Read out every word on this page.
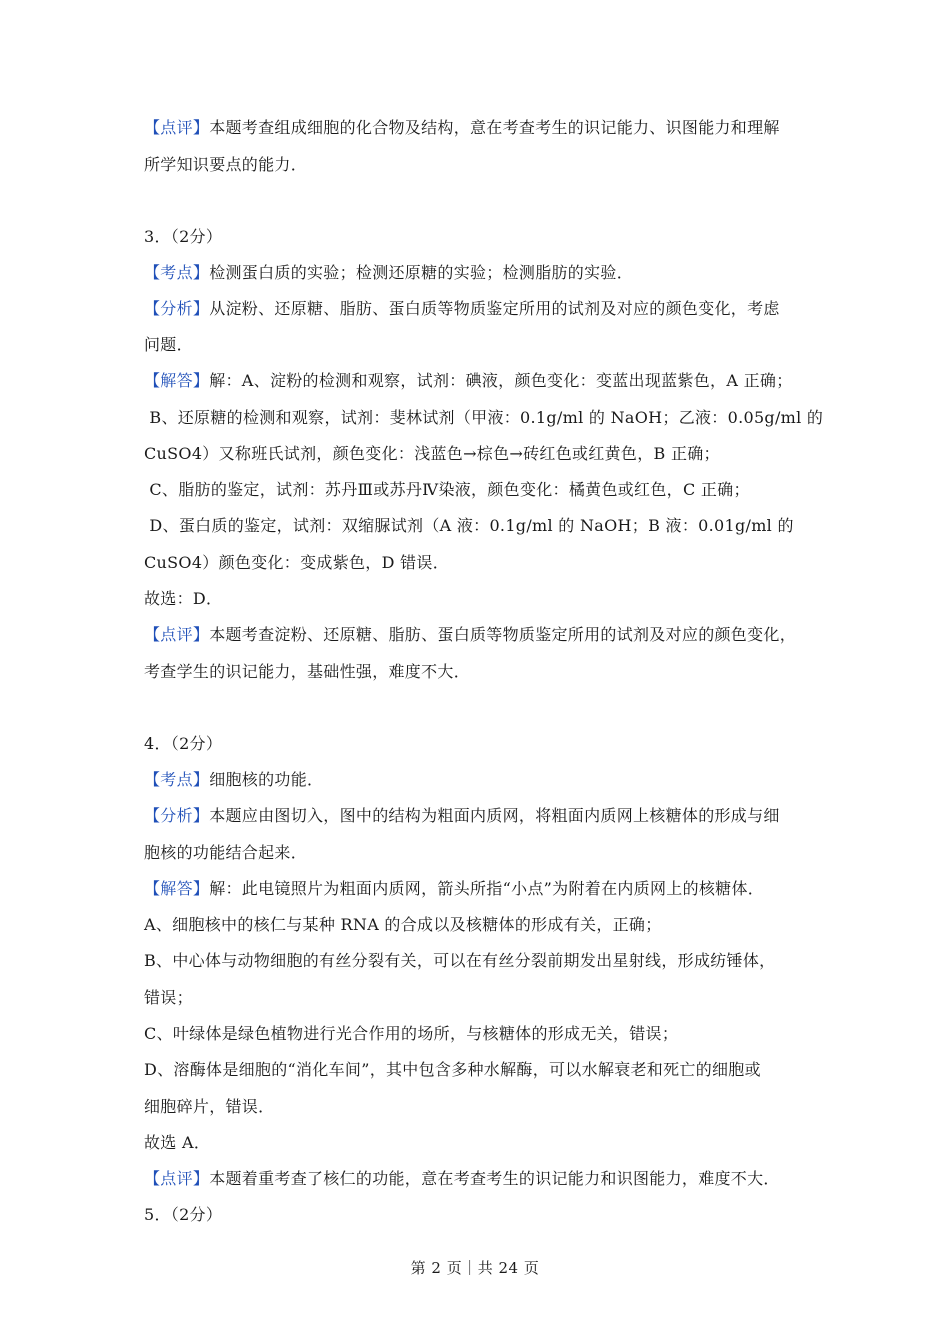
【点评】本题考查组成细胞的化合物及结构，意在考查考生的识记能力、识图能力和理解
所学知识要点的能力．
3．（2分）
【考点】检测蛋白质的实验；检测还原糖的实验；检测脂肪的实验．
【分析】从淀粉、还原糖、脂肪、蛋白质等物质鉴定所用的试剂及对应的颜色变化，考虑
问题．
【解答】解：A、淀粉的检测和观察，试剂：碘液，颜色变化：变蓝出现蓝紫色，A 正确；
B、还原糖的检测和观察，试剂：斐林试剂（甲液：0.1g/ml 的 NaOH；乙液：0.05g/ml 的
CuSO4）又称班氏试剂，颜色变化：浅蓝色→棕色→砖红色或红黄色，B 正确；
C、脂肪的鉴定，试剂：苏丹Ⅲ或苏丹Ⅳ染液，颜色变化：橘黄色或红色，C 正确；
D、蛋白质的鉴定，试剂：双缩脲试剂（A 液：0.1g/ml 的 NaOH；B 液：0.01g/ml 的
CuSO4）颜色变化：变成紫色，D 错误．
故选：D．
【点评】本题考查淀粉、还原糖、脂肪、蛋白质等物质鉴定所用的试剂及对应的颜色变化，
考查学生的识记能力，基础性强，难度不大．
4．（2分）
【考点】细胞核的功能．
【分析】本题应由图切入，图中的结构为粗面内质网，将粗面内质网上核糖体的形成与细
胞核的功能结合起来．
【解答】解：此电镜照片为粗面内质网，箭头所指“小点”为附着在内质网上的核糖体．
A、细胞核中的核仁与某种 RNA 的合成以及核糖体的形成有关，正确；
B、中心体与动物细胞的有丝分裂有关，可以在有丝分裂前期发出星射线，形成纺锤体，
错误；
C、叶绿体是绿色植物进行光合作用的场所，与核糖体的形成无关，错误；
D、溶酶体是细胞的“消化车间”，其中包含多种水解酶，可以水解衰老和死亡的细胞或
细胞碎片，错误．
故选 A．
【点评】本题着重考查了核仁的功能，意在考查考生的识记能力和识图能力，难度不大．
5．（2分）
第 2 页｜共 24 页
